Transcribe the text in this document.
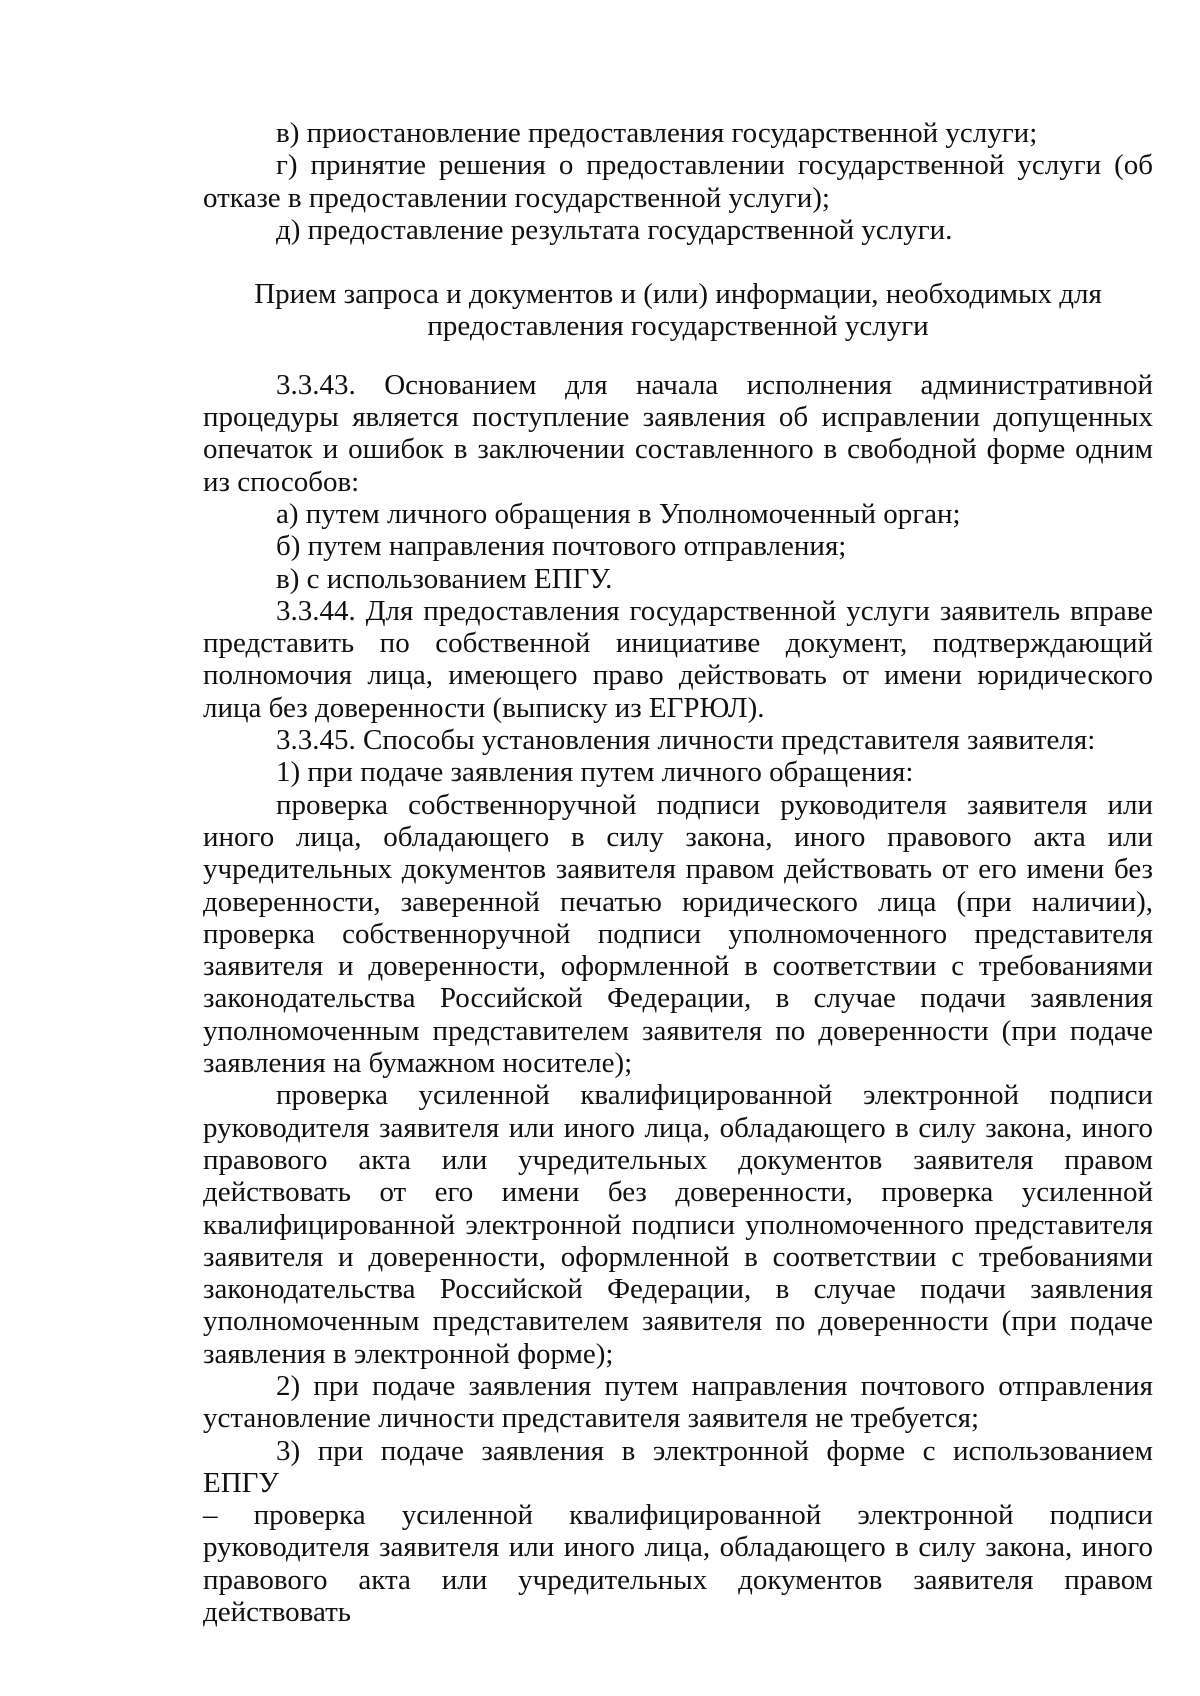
в) приостановление предоставления государственной услуги;

г) принятие решения о предоставлении государственной услуги (об отказе в предоставлении государственной услуги);

д) предоставление результата государственной услуги.

Прием запроса и документов и (или) информации, необходимых для

предоставления государственной услуги

3.3.43. Основанием для начала исполнения административной процедуры является поступление заявления об исправлении допущенных опечаток и ошибок в заключении составленного в свободной форме одним из способов:

а) путем личного обращения в Уполномоченный орган;

б) путем направления почтового отправления;

в) с использованием ЕПГУ.

3.3.44. Для предоставления государственной услуги заявитель вправе представить по собственной инициативе документ, подтверждающий полномочия лица, имеющего право действовать от имени юридического лица без доверенности (выписку из ЕГРЮЛ).

3.3.45. Способы установления личности представителя заявителя:

1) при подаче заявления путем личного обращения:

проверка собственноручной подписи руководителя заявителя или иного лица, обладающего в силу закона, иного правового акта или учредительных документов заявителя правом действовать от его имени без доверенности, заверенной печатью юридического лица (при наличии), проверка собственноручной подписи уполномоченного представителя заявителя и доверенности, оформленной в соответствии с требованиями законодательства Российской Федерации, в случае подачи заявления уполномоченным представителем заявителя по доверенности (при подаче заявления на бумажном носителе);

проверка усиленной квалифицированной электронной подписи руководителя заявителя или иного лица, обладающего в силу закона, иного правового акта или учредительных документов заявителя правом действовать от его имени без доверенности, проверка усиленной квалифицированной электронной подписи уполномоченного представителя заявителя и доверенности, оформленной в соответствии с требованиями законодательства Российской Федерации, в случае подачи заявления уполномоченным представителем заявителя по доверенности (при подаче заявления в электронной форме);

2) при подаче заявления путем направления почтового отправления установление личности представителя заявителя не требуется;

3) при подаче заявления в электронной форме с использованием ЕПГУ

– проверка усиленной квалифицированной электронной подписи руководителя заявителя или иного лица, обладающего в силу закона, иного правового акта или учредительных документов заявителя правом действовать
